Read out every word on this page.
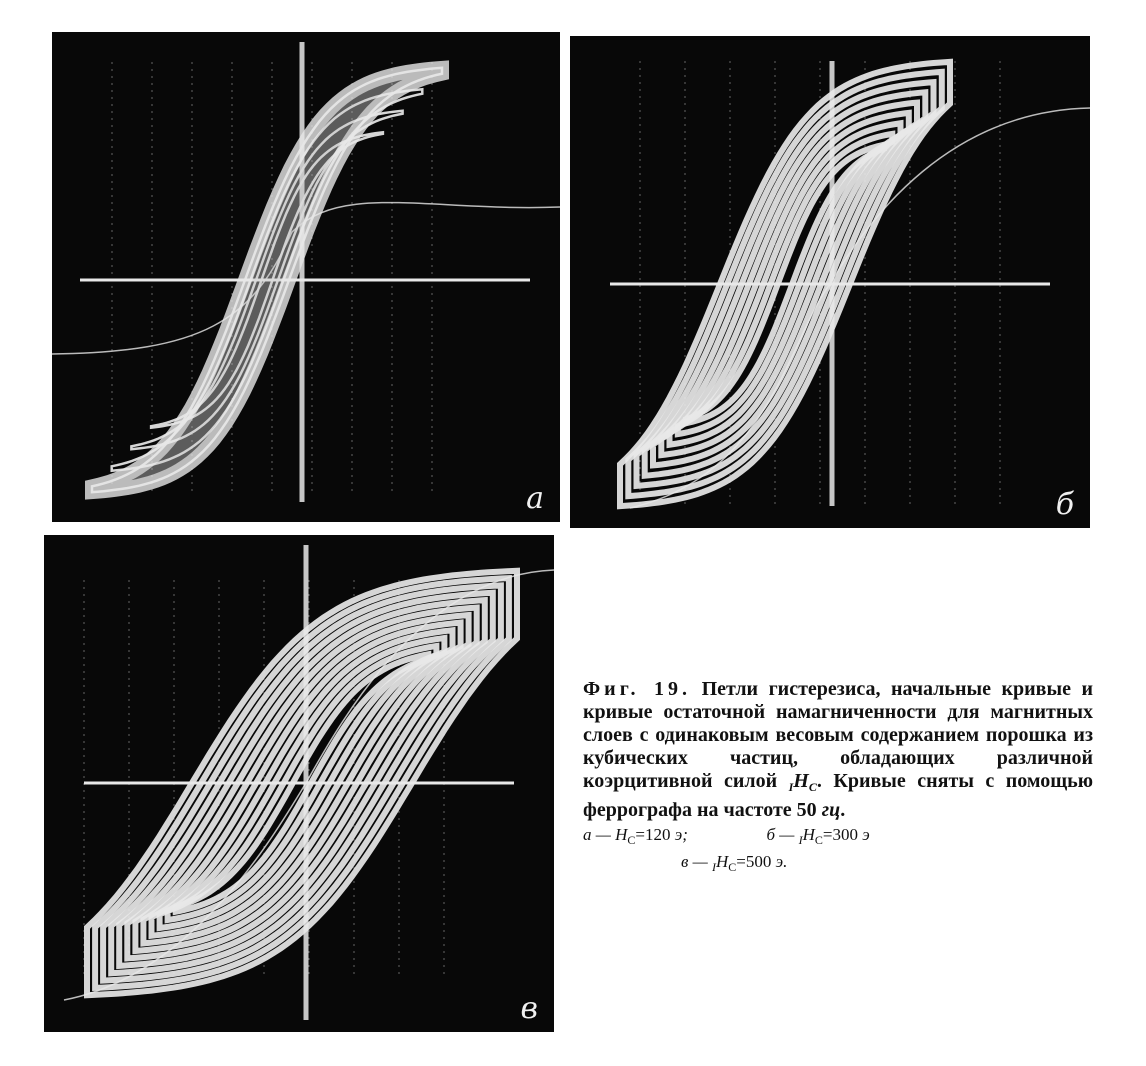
а	б
в
Фиг. 19. Петли гистерезиса, начальные кривые и кривые остаточной намагниченности для магнитных слоев с одинаковым весовым содержанием порошка из кубических частиц, обладающих различной коэрцитивной силой $_IH_C$. Кривые сняты с помощью феррографа на частоте 50 гц.
а — $H_C=120$ э;	б — $_IH_C=300$ э
в — $_IH_C=500$ э.
